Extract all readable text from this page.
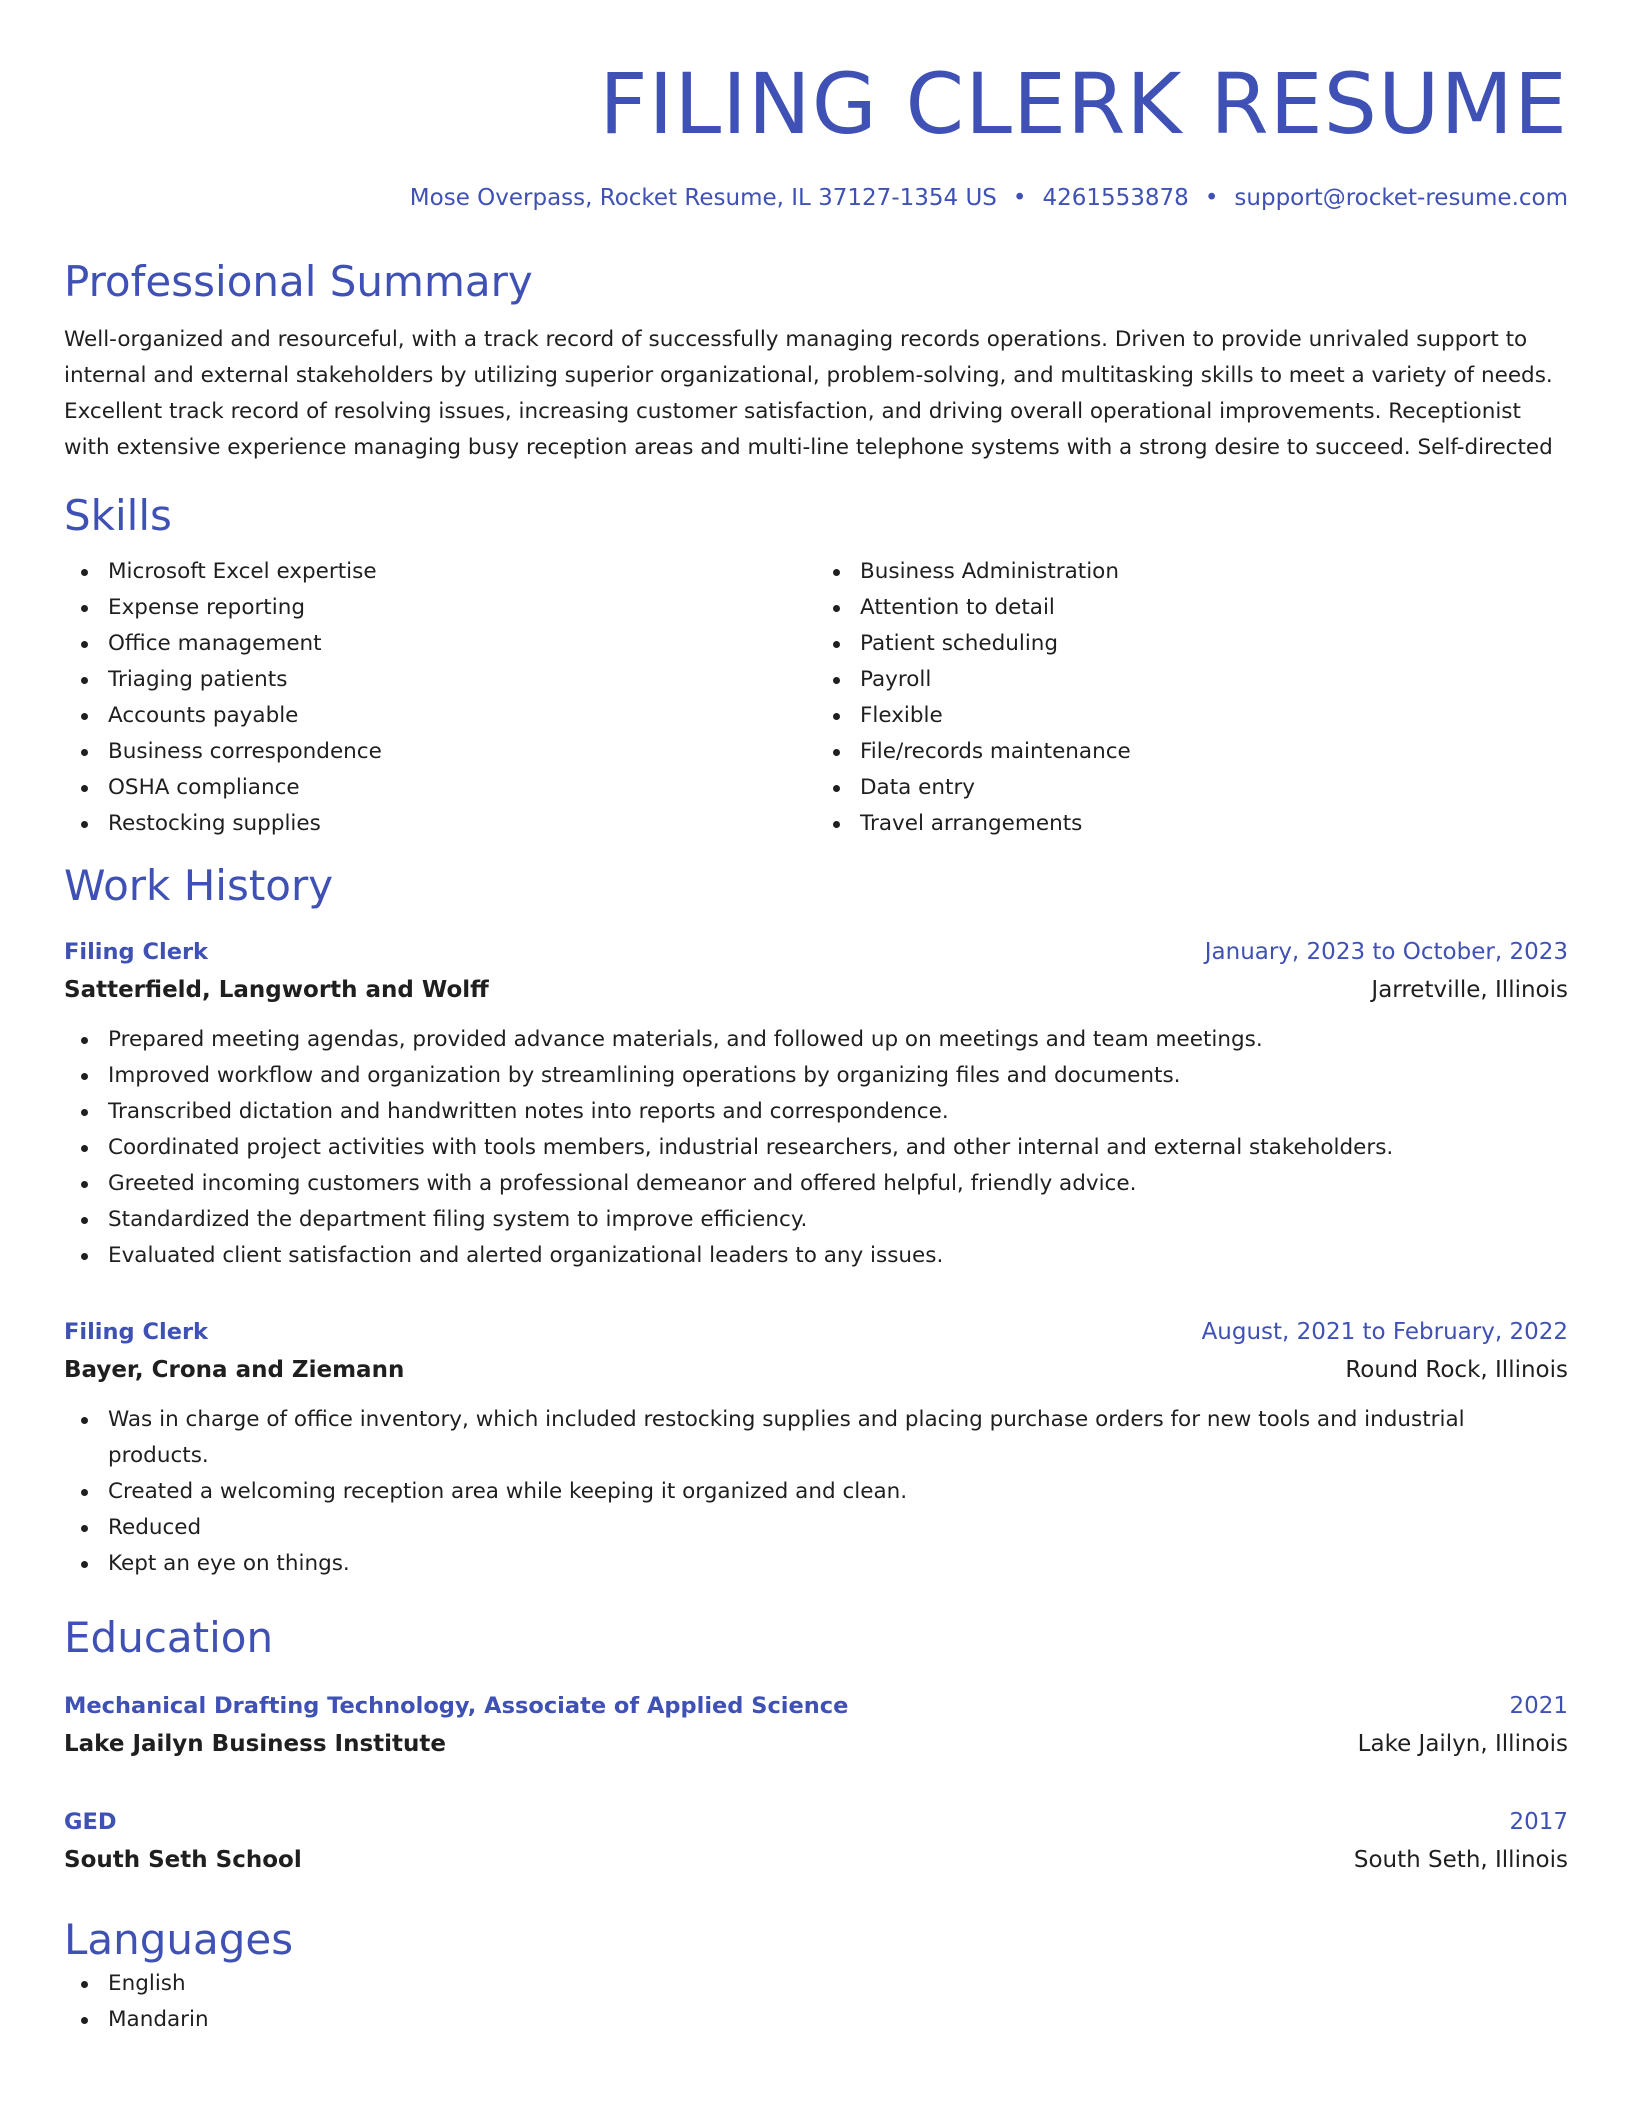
FILING CLERK RESUME
Mose Overpass, Rocket Resume, IL 37127-1354 US • 4261553878 • support@rocket-resume.com
Professional Summary
Well-organized and resourceful, with a track record of successfully managing records operations. Driven to provide unrivaled support to internal and external stakeholders by utilizing superior organizational, problem-solving, and multitasking skills to meet a variety of needs. Excellent track record of resolving issues, increasing customer satisfaction, and driving overall operational improvements. Receptionist with extensive experience managing busy reception areas and multi-line telephone systems with a strong desire to succeed. Self-directed
Skills
Microsoft Excel expertise
Expense reporting
Office management
Triaging patients
Accounts payable
Business correspondence
OSHA compliance
Restocking supplies
Business Administration
Attention to detail
Patient scheduling
Payroll
Flexible
File/records maintenance
Data entry
Travel arrangements
Work History
Filing Clerk	January, 2023 to October, 2023
Satterfield, Langworth and Wolff	Jarretville, Illinois
Prepared meeting agendas, provided advance materials, and followed up on meetings and team meetings.
Improved workflow and organization by streamlining operations by organizing files and documents.
Transcribed dictation and handwritten notes into reports and correspondence.
Coordinated project activities with tools members, industrial researchers, and other internal and external stakeholders.
Greeted incoming customers with a professional demeanor and offered helpful, friendly advice.
Standardized the department filing system to improve efficiency.
Evaluated client satisfaction and alerted organizational leaders to any issues.
Filing Clerk	August, 2021 to February, 2022
Bayer, Crona and Ziemann	Round Rock, Illinois
Was in charge of office inventory, which included restocking supplies and placing purchase orders for new tools and industrial products.
Created a welcoming reception area while keeping it organized and clean.
Reduced
Kept an eye on things.
Education
Mechanical Drafting Technology, Associate of Applied Science	2021
Lake Jailyn Business Institute	Lake Jailyn, Illinois
GED	2017
South Seth School	South Seth, Illinois
Languages
English
Mandarin
